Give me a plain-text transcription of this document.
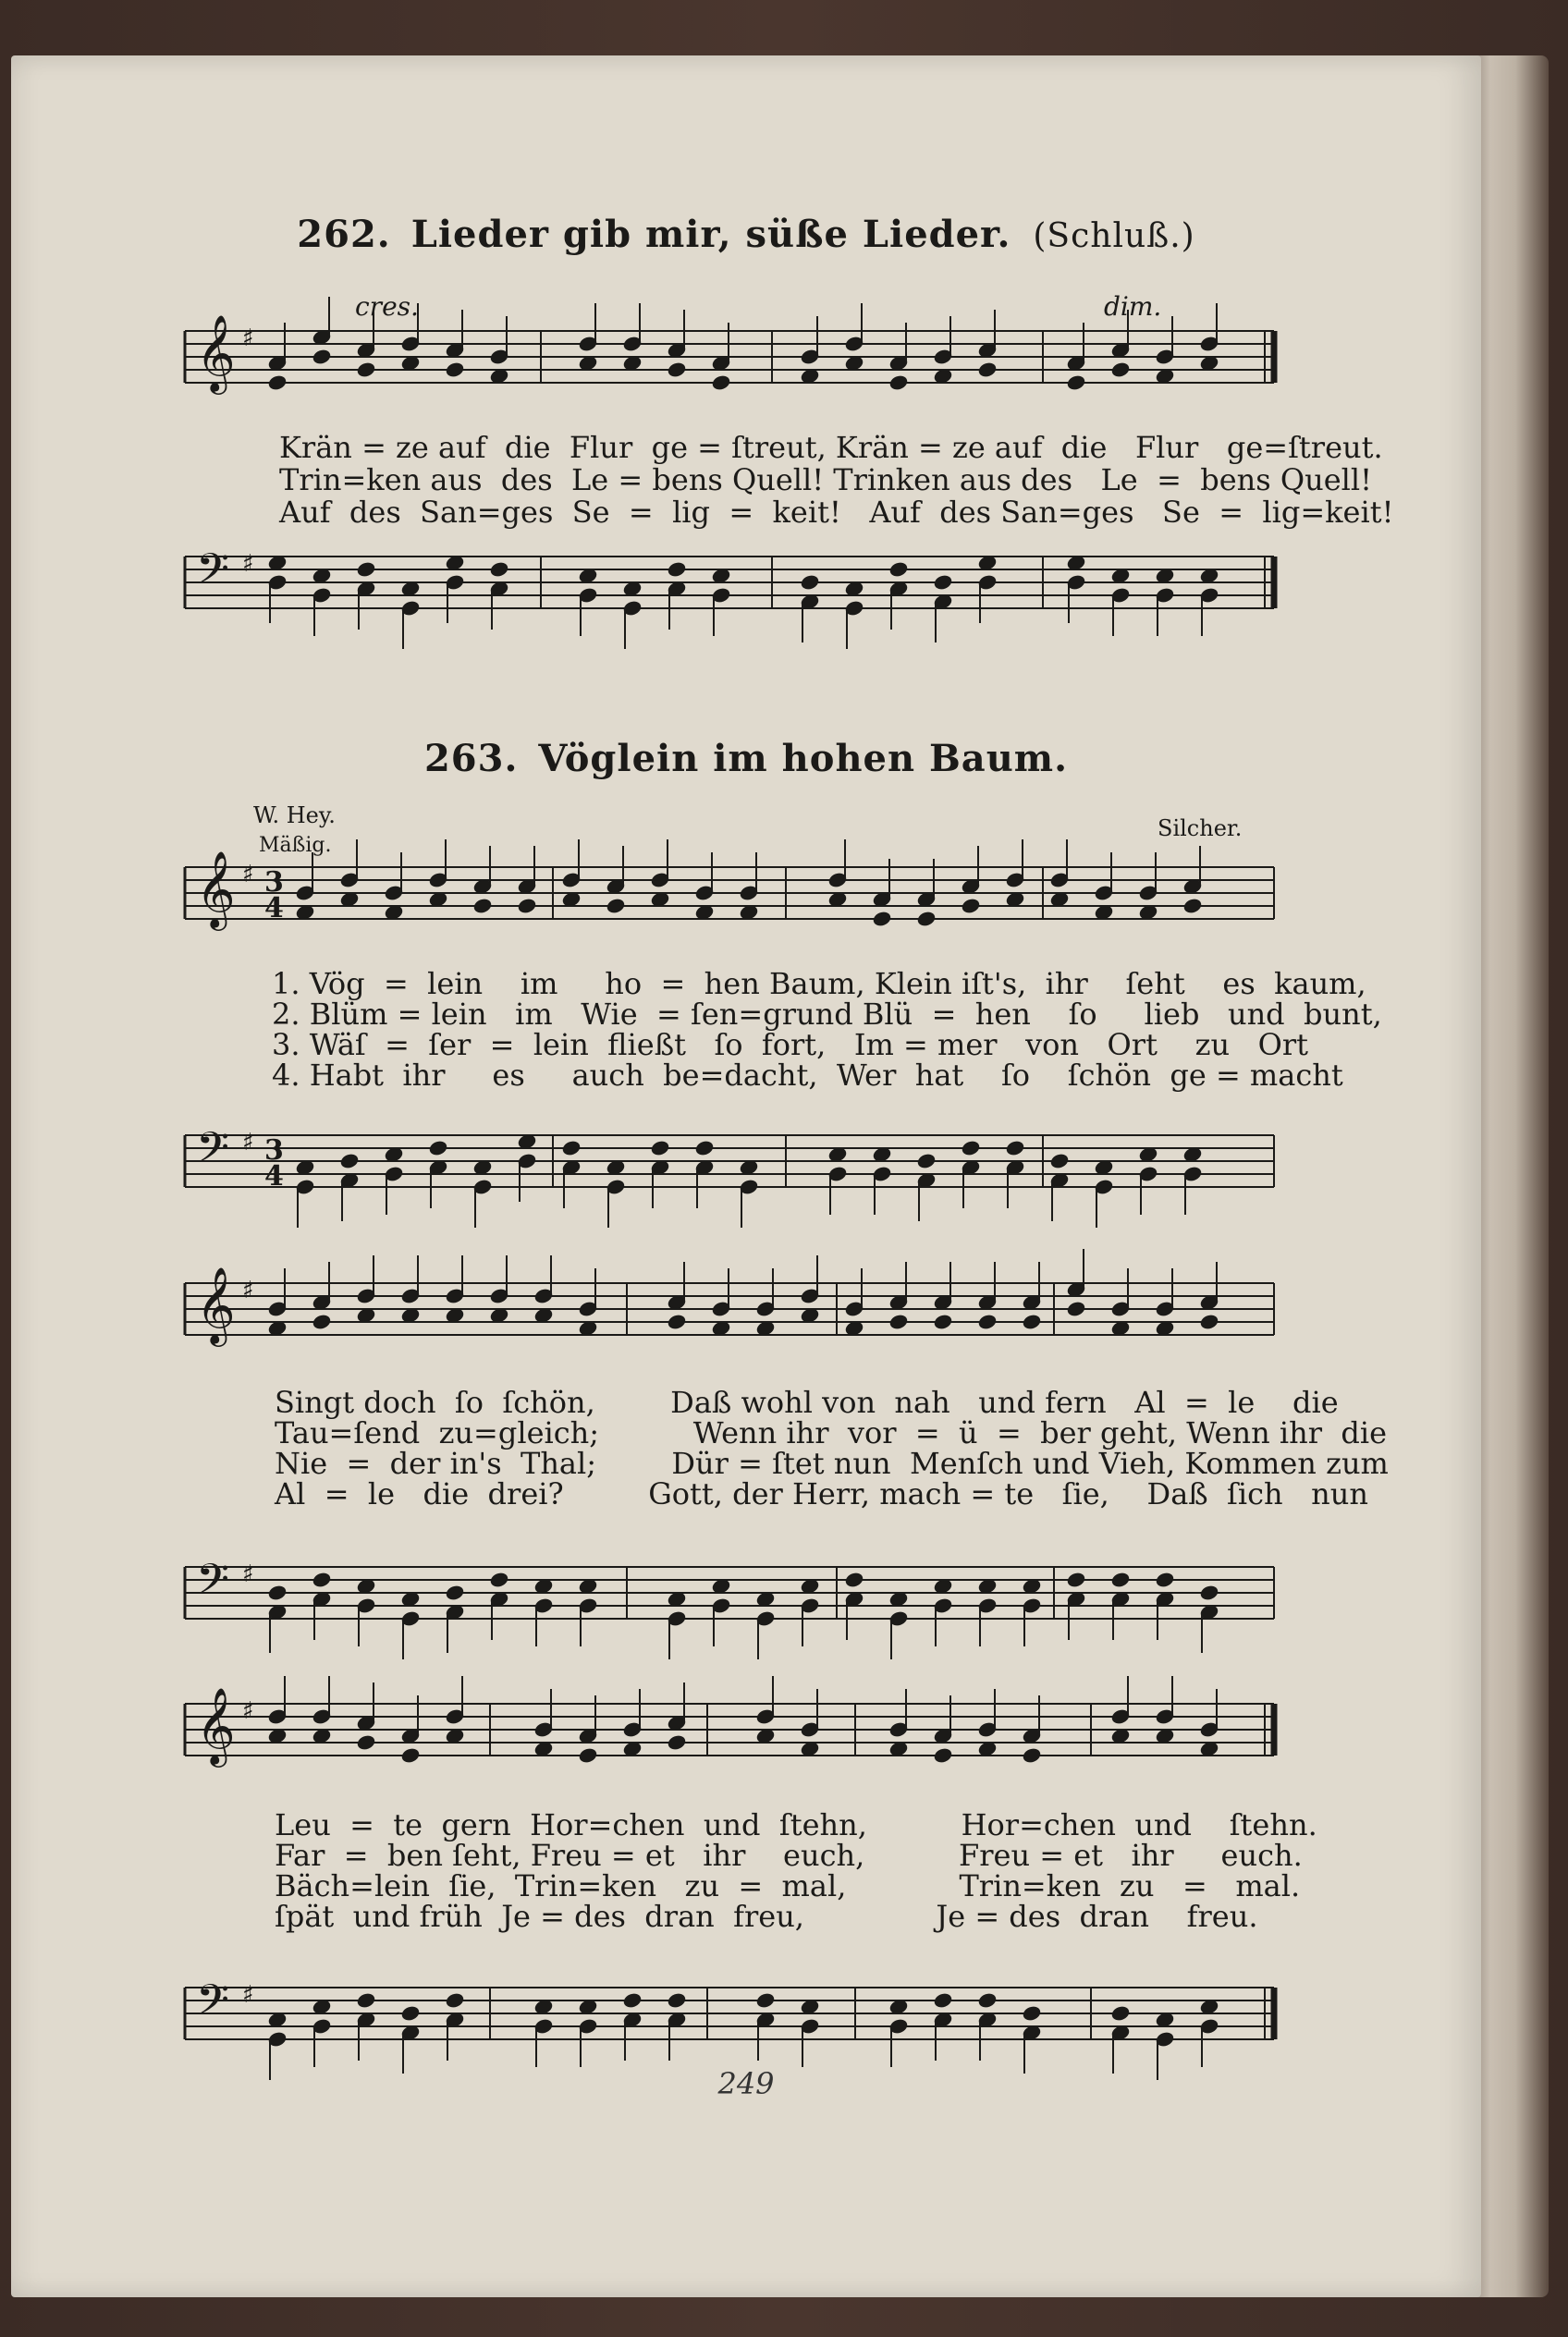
262. Lieder gib mir, süße Lieder. (Schluß.)
cres.	dim.
Krän = ze auf  die  Flur  ge = ſtreut, Krän = ze auf  die   Flur   ge=ſtreut.
Trin=ken aus  des  Le = bens Quell! Trinken aus des   Le  =  bens Quell!
Auf  des  San=ges  Se  =  lig  =  keit!   Auf  des San=ges   Se  =  lig=keit!
263. Vöglein im hohen Baum.
W. Hey.	Silcher.
Mäßig.
1. Vög  =  lein    im     ho  =  hen Baum, Klein iſt's,  ihr    ſeht    es  kaum,
2. Blüm = lein   im   Wie  = ſen=grund Blü  =  hen    ſo     lieb   und  bunt,
3. Wäſ  =  ſer  =  lein  fließt   ſo  fort,   Im = mer   von   Ort    zu   Ort
4. Habt  ihr     es     auch  be=dacht,  Wer  hat    ſo    ſchön  ge = macht
Singt doch  ſo  ſchön,        Daß wohl von  nah   und fern   Al  =  le    die
Tau=ſend  zu=gleich;          Wenn ihr  vor  =  ü  =  ber geht, Wenn ihr  die
Nie  =  der in's  Thal;        Dür = ſtet nun  Menſch und Vieh, Kommen zum
Al  =  le   die  drei?         Gott, der Herr, mach = te   ſie,    Daß  ſich   nun
Leu  =  te  gern  Hor=chen  und  ſtehn,          Hor=chen  und    ſtehn.
Far  =  ben ſeht, Freu = et   ihr    euch,          Freu = et   ihr     euch.
Bäch=lein  ſie,  Trin=ken   zu  =  mal,            Trin=ken  zu   =   mal.
ſpät  und früh  Je = des  dran  freu,              Je = des  dran    freu.
249
𝄞 ♯
𝄢 ♯
𝄞 ♯ 3
4
𝄢 ♯ 3
4
𝄞 ♯
𝄢 ♯
𝄞 ♯
𝄢 ♯
